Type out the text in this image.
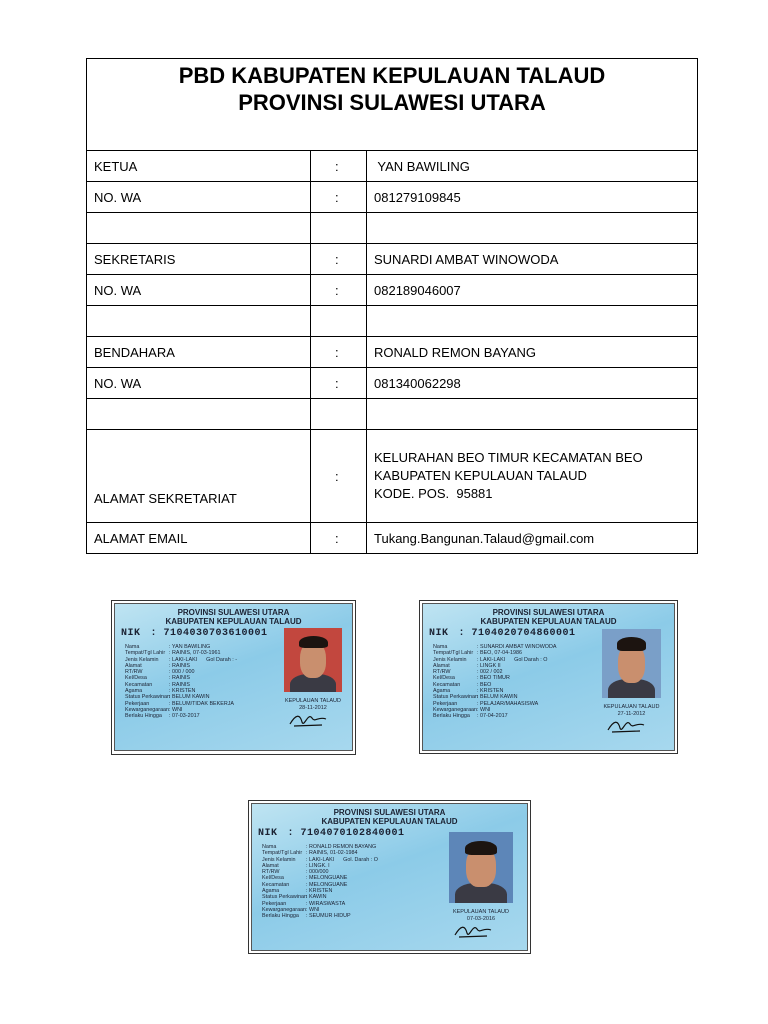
PBD KABUPATEN KEPULAUAN TALAUD
PROVINSI SULAWESI UTARA		

KETUA	:	YAN BAWILING
NO. WA	:	081279109845

SEKRETARIS	:	SUNARDI AMBAT WINOWODA
NO. WA	:	082189046007

BENDAHARA	:	RONALD REMON BAYANG
NO. WA	:	081340062298

ALAMAT SEKRETARIAT	:	KELURAHAN BEO TIMUR KECAMATAN BEO
KABUPATEN KEPULAUAN TALAUD
KODE. POS.  95881

ALAMAT EMAIL	:	Tukang.Bangunan.Talaud@gmail.com
PROVINSI SULAWESI UTARA
KABUPATEN KEPULAUAN TALAUD
NIK : 7104030703610001
Nama	: YAN BAWILING
Tempat/Tgl Lahir : RAINIS, 07-03-1961
Jenis Kelamin	: LAKI-LAKI      Gol Darah : -
Alamat	: RAINIS
RT/RW	: 000 / 000
Kel/Desa	: RAINIS
Kecamatan	: RAINIS
Agama	: KRISTEN
Status Perkawinan : BELUM KAWIN
Pekerjaan	: BELUM/TIDAK BEKERJA
Kewarganegaraan : WNI
Berlaku Hingga	: 07-03-2017
KEPULAUAN TALAUD
28-11-2012
PROVINSI SULAWESI UTARA
KABUPATEN KEPULAUAN TALAUD
NIK : 7104020704860001
Nama	: SUNARDI AMBAT WINOWODA
Tempat/Tgl Lahir : BEO, 07-04-1986
Jenis Kelamin	: LAKI-LAKI      Gol Darah : O
Alamat	: LINGK II
RT/RW	: 002 / 002
Kel/Desa	: BEO TIMUR
Kecamatan	: BEO
Agama	: KRISTEN
Status Perkawinan : BELUM KAWIN
Pekerjaan	: PELAJAR/MAHASISWA
Kewarganegaraan : WNI
Berlaku Hingga	: 07-04-2017
KEPULAUAN TALAUD
27-11-2012
PROVINSI SULAWESI UTARA
KABUPATEN KEPULAUAN TALAUD
NIK : 7104070102840001
Nama	: RONALD REMON BAYANG
Tempat/Tgl Lahir : RAINIS, 01-02-1984
Jenis Kelamin	: LAKI-LAKI      Gol. Darah : O
Alamat	: LINGK. I
RT/RW	: 000/000
Kel/Desa	: MELONGUANE
Kecamatan	: MELONGUANE
Agama	: KRISTEN
Status Perkawinan : KAWIN
Pekerjaan	: WIRASWASTA
Kewarganegaraan : WNI
Berlaku Hingga	: SEUMUR HIDUP
KEPULAUAN TALAUD
07-03-2016
